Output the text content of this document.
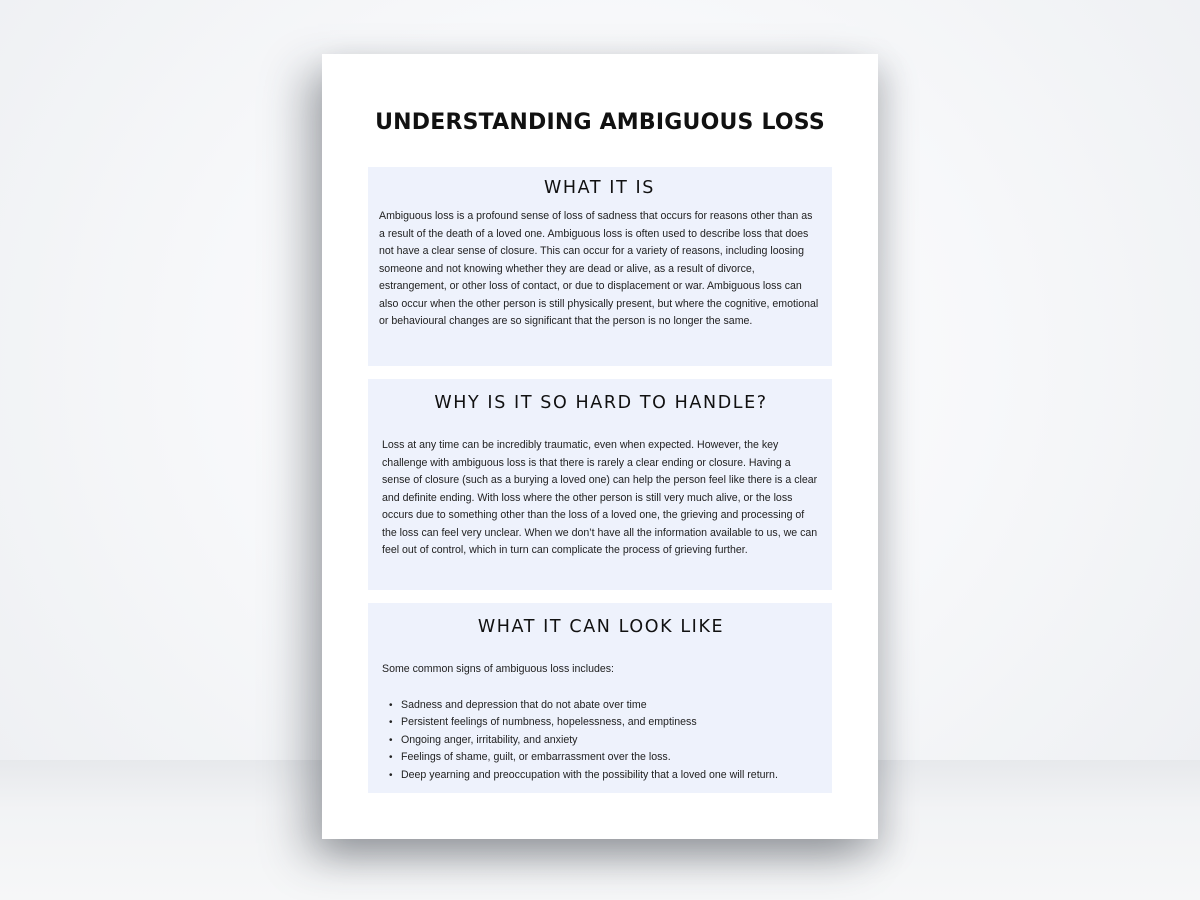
UNDERSTANDING AMBIGUOUS LOSS
WHAT IT IS

Ambiguous loss is a profound sense of loss of sadness that occurs for reasons other than as a result of the death of a loved one. Ambiguous loss is often used to describe loss that does not have a clear sense of closure. This can occur for a variety of reasons, including loosing someone and not knowing whether they are dead or alive, as a result of divorce, estrangement, or other loss of contact, or due to displacement or war. Ambiguous loss can also occur when the other person is still physically present, but where the cognitive, emotional or behavioural changes are so significant that the person is no longer the same.

WHY IS IT SO HARD TO HANDLE?

Loss at any time can be incredibly traumatic, even when expected. However, the key challenge with ambiguous loss is that there is rarely a clear ending or closure. Having a sense of closure (such as a burying a loved one) can help the person feel like there is a clear and definite ending. With loss where the other person is still very much alive, or the loss occurs due to something other than the loss of a loved one, the grieving and processing of the loss can feel very unclear. When we don’t have all the information available to us, we can feel out of control, which in turn can complicate the process of grieving further.

WHAT IT CAN LOOK LIKE

Some common signs of ambiguous loss includes:

• Sadness and depression that do not abate over time
• Persistent feelings of numbness, hopelessness, and emptiness
• Ongoing anger, irritability, and anxiety
• Feelings of shame, guilt, or embarrassment over the loss.
• Deep yearning and preoccupation with the possibility that a loved one will return.
